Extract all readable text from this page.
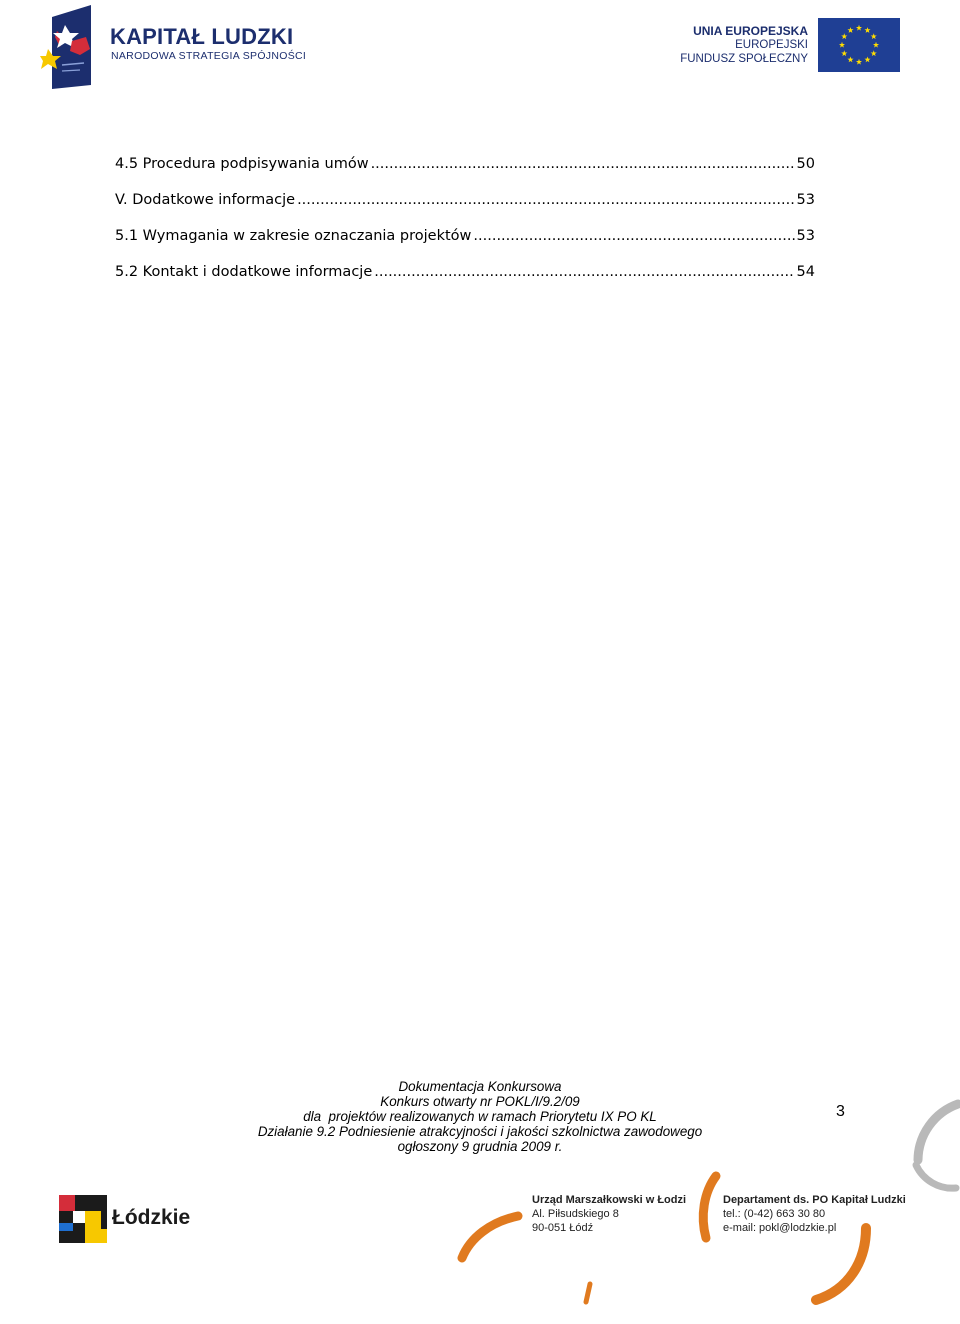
KAPITAŁ LUDZKI
NARODOWA STRATEGIA SPÓJNOŚCI
UNIA EUROPEJSKA
EUROPEJSKI
FUNDUSZ SPOŁECZNY
4.5 Procedura podpisywania umów .....	50
V. Dodatkowe informacje .....	53
5.1 Wymagania w zakresie oznaczania projektów .....	53
5.2 Kontakt i dodatkowe informacje .....	54
Dokumentacja Konkursowa
Konkurs otwarty nr POKL/I/9.2/09
dla  projektów realizowanych w ramach Priorytetu IX PO KL
Działanie 9.2 Podniesienie atrakcyjności i jakości szkolnictwa zawodowego
ogłoszony 9 grudnia 2009 r.
3
Łódzkie
Urząd Marszałkowski w Łodzi
Al. Piłsudskiego 8
90-051 Łódź
Departament ds. PO Kapitał Ludzki
tel.: (0-42) 663 30 80
e-mail: pokl@lodzkie.pl
